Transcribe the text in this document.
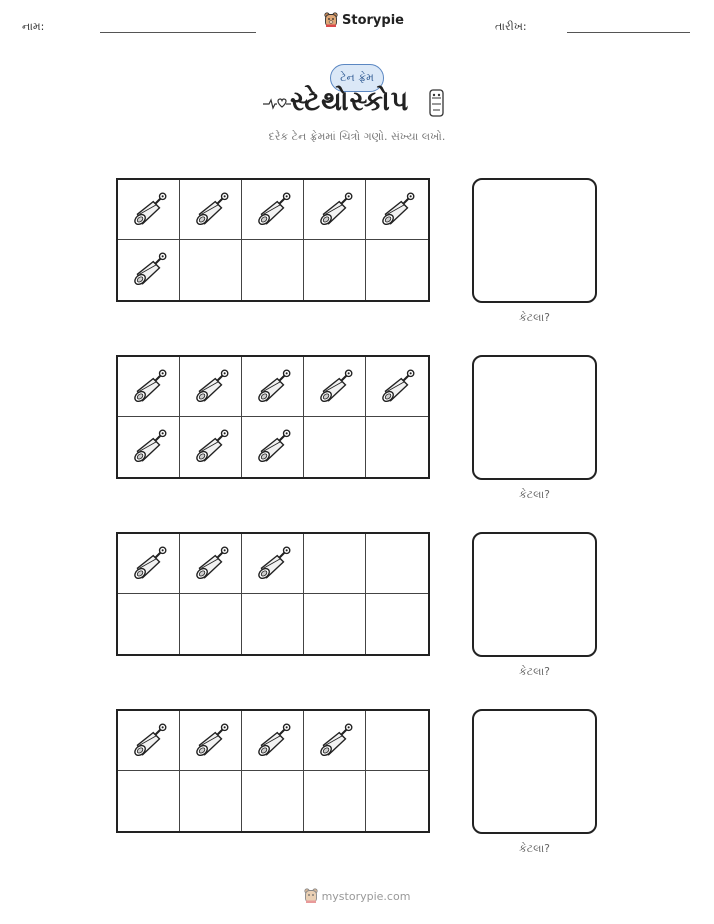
નામ:	Storypie	તારીખ:
ટેન ફ્રેમ
સ્ટેથોસ્કોપ
દરેક ટેન ફ્રેમમાં ચિત્રો ગણો. સંખ્યા લખો.
કેટલા?
કેટલા?
કેટલા?
કેટલા?
mystorypie.com
